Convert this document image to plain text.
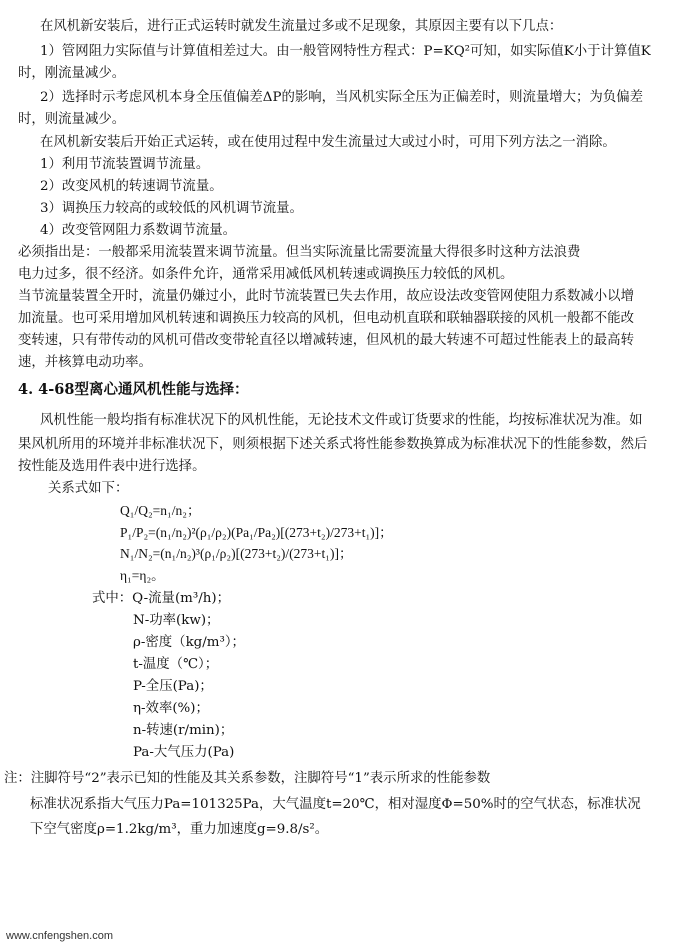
在风机新安装后，进行正式运转时就发生流量过多或不足现象，其原因主要有以下几点：
1）管网阻力实际值与计算值相差过大。由一般管网特性方程式：P=KQ²可知，如实际值K小于计算值K
时，刚流量减少。
2）选择时示考虑风机本身全压值偏差ΔP的影响，当风机实际全压为正偏差时，则流量增大；为负偏差
时，则流量减少。
在风机新安装后开始正式运转，或在使用过程中发生流量过大或过小时，可用下列方法之一消除。
1）利用节流装置调节流量。
2）改变风机的转速调节流量。
3）调换压力较高的或较低的风机调节流量。
4）改变管网阻力系数调节流量。
必须指出是：一般都采用流装置来调节流量。但当实际流量比需要流量大得很多时这种方法浪费
电力过多，很不经济。如条件允许，通常采用减低风机转速或调换压力较低的风机。
当节流量装置全开时，流量仍嫌过小，此时节流装置已失去作用，故应设法改变管网使阻力系数减小以增
加流量。也可采用增加风机转速和调换压力较高的风机，但电动机直联和联轴器联接的风机一般都不能改
变转速，只有带传动的风机可借改变带轮直径以增减转速，但风机的最大转速不可超过性能表上的最高转
速，并核算电动功率。
4. 4-68型离心通风机性能与选择：
风机性能一般均指有标准状况下的风机性能，无论技术文件或订货要求的性能，均按标准状况为准。如
果风机所用的环境并非标准状况下，则须根据下述关系式将性能参数换算成为标准状况下的性能参数，然后
按性能及选用件表中进行选择。
关系式如下：
Q₁/Q₂=n₁/n₂；
P₁/P₂=(n₁/n₂)²(ρ₁/ρ₂)(Pa₁/Pa₂)[(273+t₂)/273+t₁)]；
N₁/N₂=(n₁/n₂)³(ρ₁/ρ₂)[(273+t₂)/(273+t₁)]；
η₁=η₂。
式中：Q-流量(m³/h)；
N-功率(kw)；
ρ-密度（kg/m³）；
t-温度（℃）；
P-全压(Pa)；
η-效率(%)；
n-转速(r/min)；
Pa-大气压力(Pa)
注：注脚符号“2”表示已知的性能及其关系参数，注脚符号“1”表示所求的性能参数
标准状况系指大气压力Pa=101325Pa，大气温度t=20℃，相对湿度Φ=50%时的空气状态，标准状况
下空气密度ρ=1.2kg/m³，重力加速度g=9.8/s²。
www.cnfengshen.com
